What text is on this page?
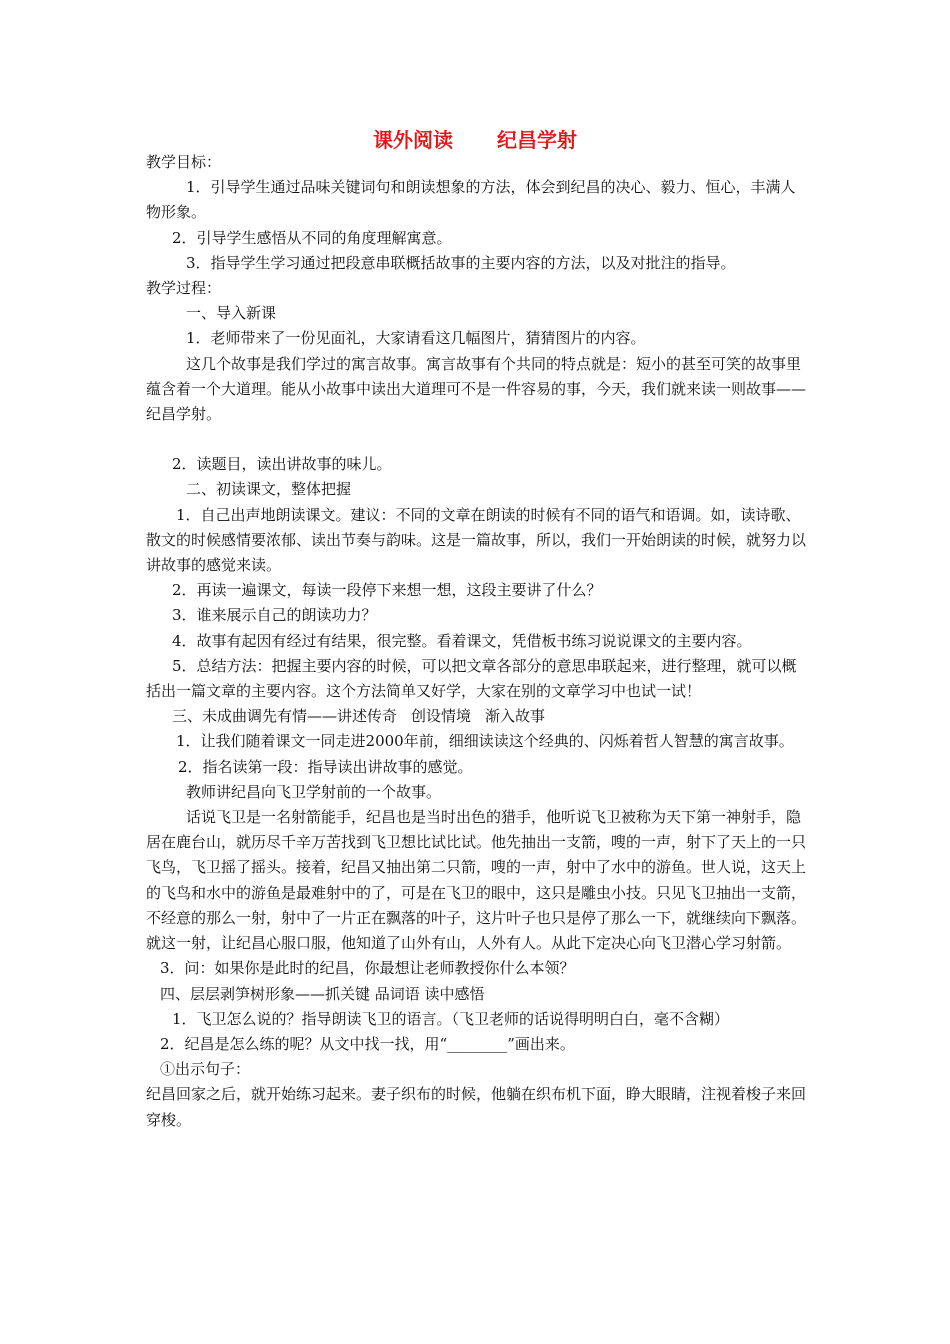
课外阅读 纪昌学射

教学目标：

1．引导学生通过品味关键词句和朗读想象的方法，体会到纪昌的决心、毅力、恒心，丰满人物形象。

2．引导学生感悟从不同的角度理解寓意。

3．指导学生学习通过把段意串联概括故事的主要内容的方法，以及对批注的指导。

教学过程：

一、导入新课

1．老师带来了一份见面礼，大家请看这几幅图片，猜猜图片的内容。

这几个故事是我们学过的寓言故事。寓言故事有个共同的特点就是：短小的甚至可笑的故事里蕴含着一个大道理。能从小故事中读出大道理可不是一件容易的事，今天，我们就来读一则故事——纪昌学射。

2．读题目，读出讲故事的味儿。

二、初读课文，整体把握

1．自己出声地朗读课文。建议：不同的文章在朗读的时候有不同的语气和语调。如，读诗歌、散文的时候感情要浓郁、读出节奏与韵味。这是一篇故事，所以，我们一开始朗读的时候，就努力以讲故事的感觉来读。

2．再读一遍课文，每读一段停下来想一想，这段主要讲了什么？

3．谁来展示自己的朗读功力？

4．故事有起因有经过有结果，很完整。看着课文，凭借板书练习说说课文的主要内容。

5．总结方法：把握主要内容的时候，可以把文章各部分的意思串联起来，进行整理，就可以概括出一篇文章的主要内容。这个方法简单又好学，大家在别的文章学习中也试一试！

三、未成曲调先有情——讲述传奇 创设情境 渐入故事

1．让我们随着课文一同走进2000年前，细细读读这个经典的、闪烁着哲人智慧的寓言故事。

2．指名读第一段：指导读出讲故事的感觉。

教师讲纪昌向飞卫学射前的一个故事。

话说飞卫是一名射箭能手，纪昌也是当时出色的猎手，他听说飞卫被称为天下第一神射手，隐居在鹿台山，就历尽千辛万苦找到飞卫想比试比试。他先抽出一支箭，嗖的一声，射下了天上的一只飞鸟，飞卫摇了摇头。接着，纪昌又抽出第二只箭，嗖的一声，射中了水中的游鱼。世人说，这天上的飞鸟和水中的游鱼是最难射中的了，可是在飞卫的眼中，这只是雕虫小技。只见飞卫抽出一支箭，不经意的那么一射，射中了一片正在飘落的叶子，这片叶子也只是停了那么一下，就继续向下飘落。就这一射，让纪昌心服口服，他知道了山外有山，人外有人。从此下定决心向飞卫潜心学习射箭。

3．问：如果你是此时的纪昌，你最想让老师教授你什么本领？

四、层层剥笋树形象——抓关键 品词语 读中感悟

1．飞卫怎么说的？指导朗读飞卫的语言。（飞卫老师的话说得明明白白，毫不含糊）

2．纪昌是怎么练的呢？从文中找一找，用“________”画出来。

①出示句子：

纪昌回家之后，就开始练习起来。妻子织布的时候，他躺在织布机下面，睁大眼睛，注视着梭子来回穿梭。
